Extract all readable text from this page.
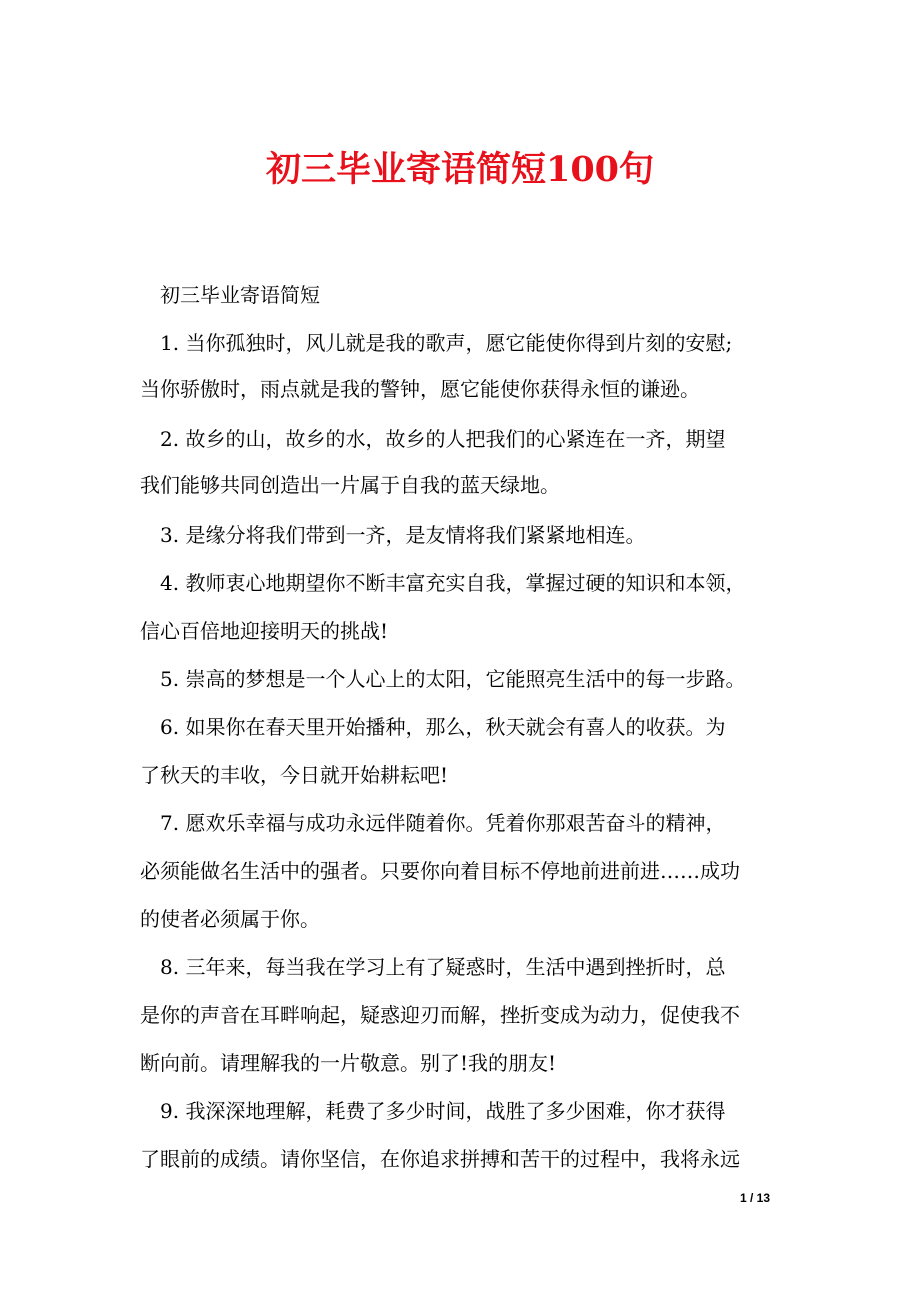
初三毕业寄语简短100句
初三毕业寄语简短
1. 当你孤独时，风儿就是我的歌声，愿它能使你得到片刻的安慰;
当你骄傲时，雨点就是我的警钟，愿它能使你获得永恒的谦逊。
2. 故乡的山，故乡的水，故乡的人把我们的心紧连在一齐，期望
我们能够共同创造出一片属于自我的蓝天绿地。
3. 是缘分将我们带到一齐，是友情将我们紧紧地相连。
4. 教师衷心地期望你不断丰富充实自我，掌握过硬的知识和本领，
信心百倍地迎接明天的挑战!
5. 崇高的梦想是一个人心上的太阳，它能照亮生活中的每一步路。
6. 如果你在春天里开始播种，那么，秋天就会有喜人的收获。为
了秋天的丰收，今日就开始耕耘吧!
7. 愿欢乐幸福与成功永远伴随着你。凭着你那艰苦奋斗的精神，
必须能做名生活中的强者。只要你向着目标不停地前进前进……成功
的使者必须属于你。
8. 三年来，每当我在学习上有了疑惑时，生活中遇到挫折时，总
是你的声音在耳畔响起，疑惑迎刃而解，挫折变成为动力，促使我不
断向前。请理解我的一片敬意。别了!我的朋友!
9. 我深深地理解，耗费了多少时间，战胜了多少困难，你才获得
了眼前的成绩。请你坚信，在你追求拼搏和苦干的过程中，我将永远
1 / 13
